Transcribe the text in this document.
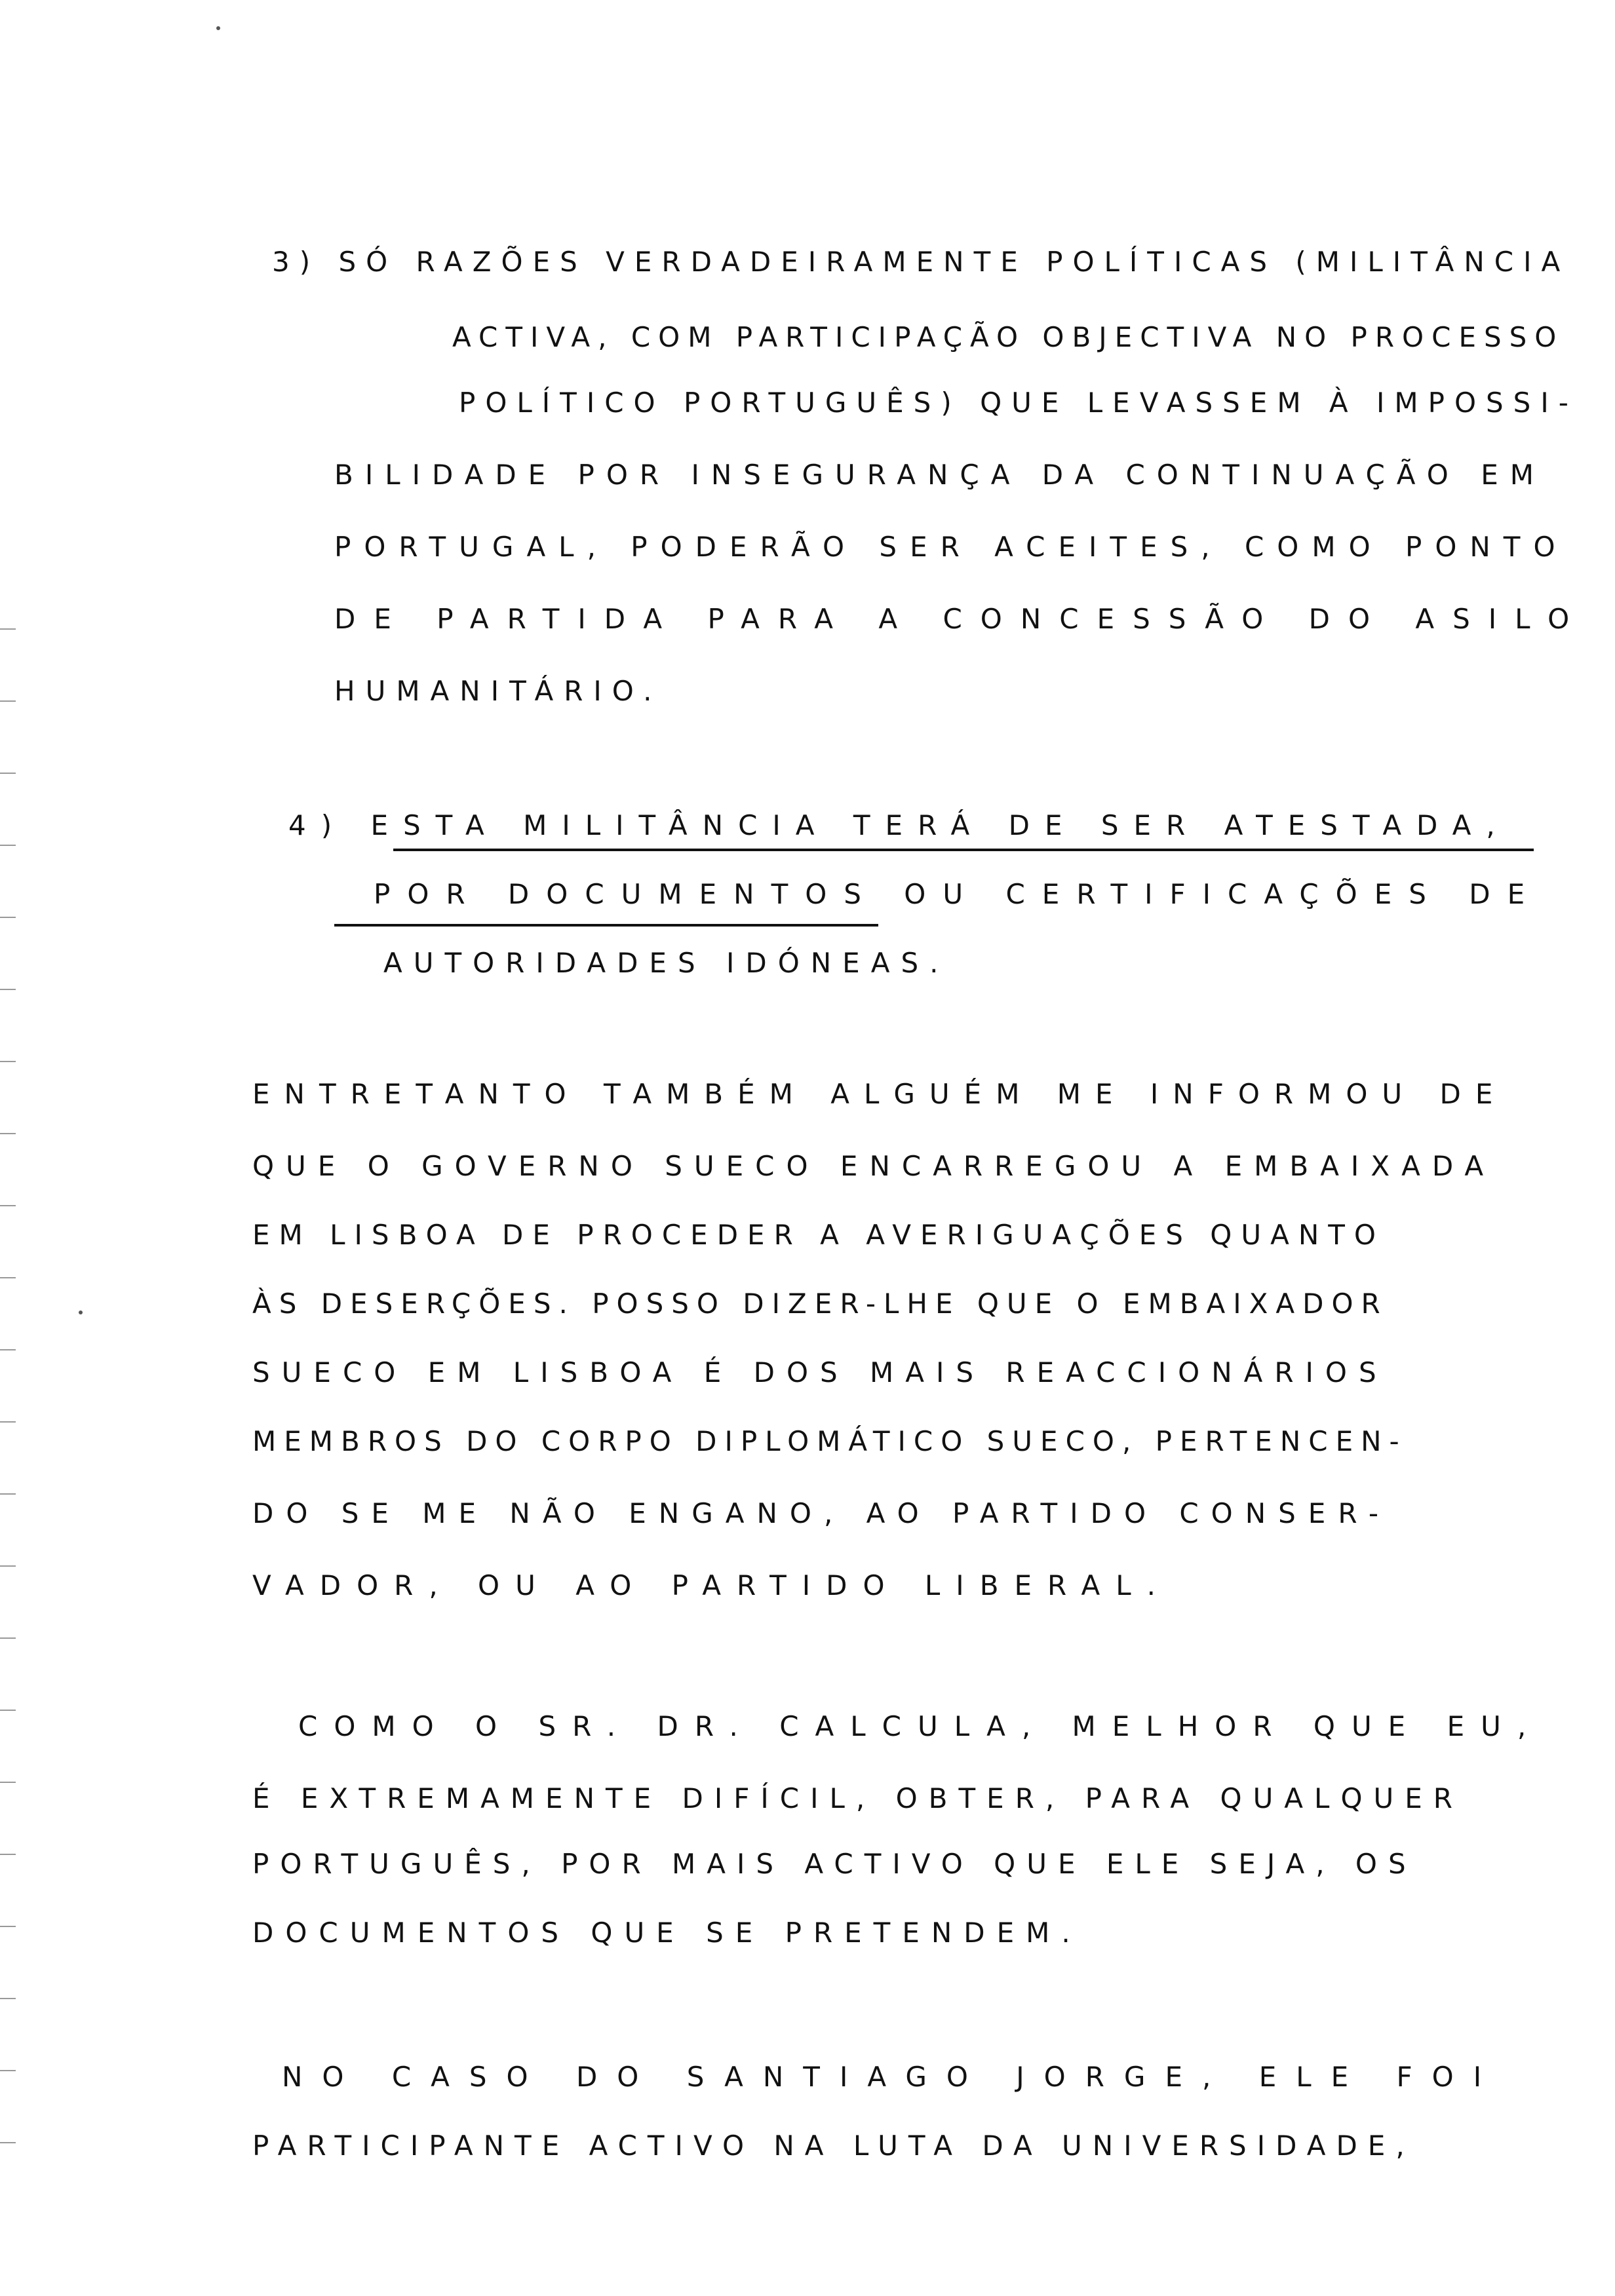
3) SÓ RAZÕES VERDADEIRAMENTE POLÍTICAS (MILITÂNCIA
ACTIVA, COM PARTICIPAÇÃO OBJECTIVA NO PROCESSO
POLÍTICO PORTUGUÊS) QUE LEVASSEM À IMPOSSI-
BILIDADE POR INSEGURANÇA DA CONTINUAÇÃO EM
PORTUGAL, PODERÃO SER ACEITES, COMO PONTO
DE PARTIDA PARA A CONCESSÃO DO ASILO
HUMANITÁRIO.
4) ESTA MILITÂNCIA TERÁ DE SER ATESTADA,
POR DOCUMENTOS OU CERTIFICAÇÕES DE
AUTORIDADES IDÓNEAS.
ENTRETANTO TAMBÉM ALGUÉM ME INFORMOU DE
QUE O GOVERNO SUECO ENCARREGOU A EMBAIXADA
EM LISBOA DE PROCEDER A AVERIGUAÇÕES QUANTO
ÀS DESERÇÕES. POSSO DIZER-LHE QUE O EMBAIXADOR
SUECO EM LISBOA É DOS MAIS REACCIONÁRIOS
MEMBROS DO CORPO DIPLOMÁTICO SUECO, PERTENCEN-
DO SE ME NÃO ENGANO, AO PARTIDO CONSER-
VADOR, OU AO PARTIDO LIBERAL.
COMO O SR. DR. CALCULA, MELHOR QUE EU,
É EXTREMAMENTE DIFÍCIL, OBTER, PARA QUALQUER
PORTUGUÊS, POR MAIS ACTIVO QUE ELE SEJA, OS
DOCUMENTOS QUE SE PRETENDEM.
NO CASO DO SANTIAGO JORGE, ELE FOI
PARTICIPANTE ACTIVO NA LUTA DA UNIVERSIDADE,
